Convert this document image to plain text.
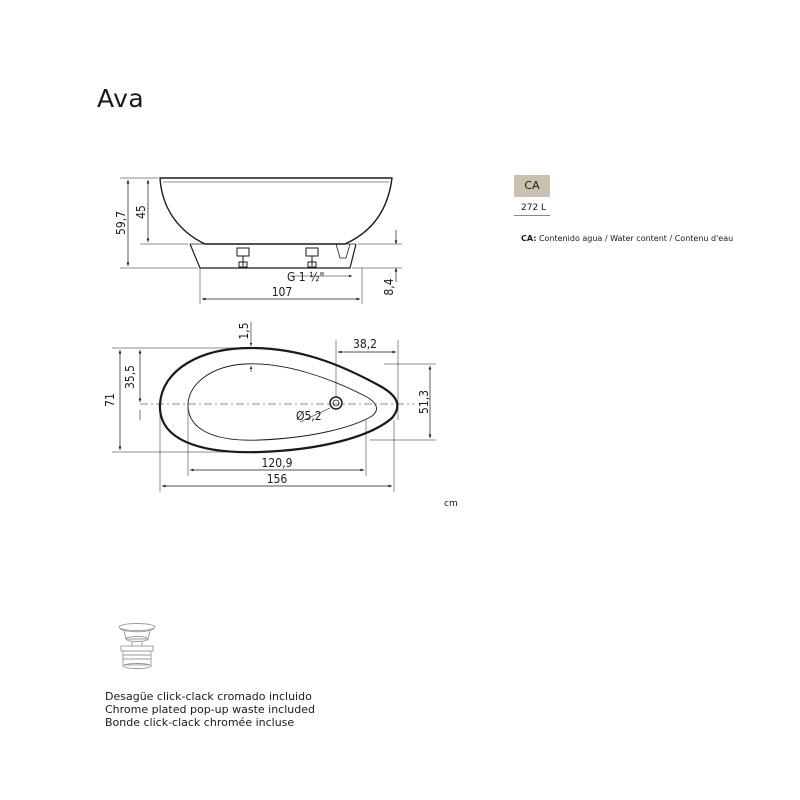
Ava
CA
272 L
CA: Contenido agua / Water content / Contenu d'eau
59,7 45
8,4
G 1 ½"
107
1,5
38,2
35,5
71	51,3
Ø5,2
120,9
156
cm
Desagüe click-clack cromado incluido
Chrome plated pop-up waste included
Bonde click-clack chromée incluse
